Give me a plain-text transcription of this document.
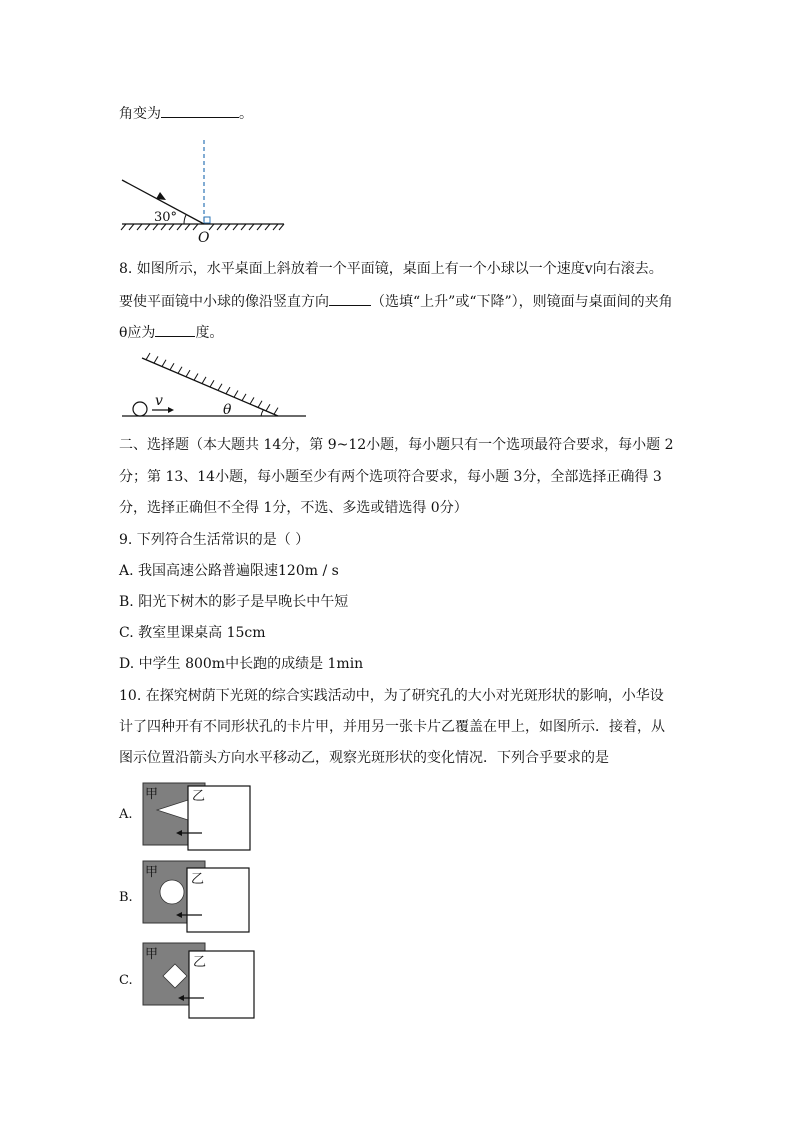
角变为	。
30°
O
8. 如图所示，水平桌面上斜放着一个平面镜，桌面上有一个小球以一个速度v向右滚去。
要使平面镜中小球的像沿竖直方向	（选填“上升”或“下降”），则镜面与桌面间的夹角
θ应为	度。
v
θ
二、选择题（本大题共 14分，第 9~12小题，每小题只有一个选项最符合要求，每小题 2
分；第 13、14小题，每小题至少有两个选项符合要求，每小题 3分，全部选择正确得 3
分，选择正确但不全得 1分，不选、多选或错选得 0分）
9. 下列符合生活常识的是（ ）
A. 我国高速公路普遍限速120m / s
B. 阳光下树木的影子是早晚长中午短
C. 教室里课桌高 15cm
D. 中学生 800m中长跑的成绩是 1min
10. 在探究树荫下光斑的综合实践活动中，为了研究孔的大小对光斑形状的影响，小华设
计了四种开有不同形状孔的卡片甲，并用另一张卡片乙覆盖在甲上，如图所示．接着，从
图示位置沿箭头方向水平移动乙，观察光斑形状的变化情况．下列合乎要求的是
A.
甲	乙
B.
甲	乙
C.
甲
乙
